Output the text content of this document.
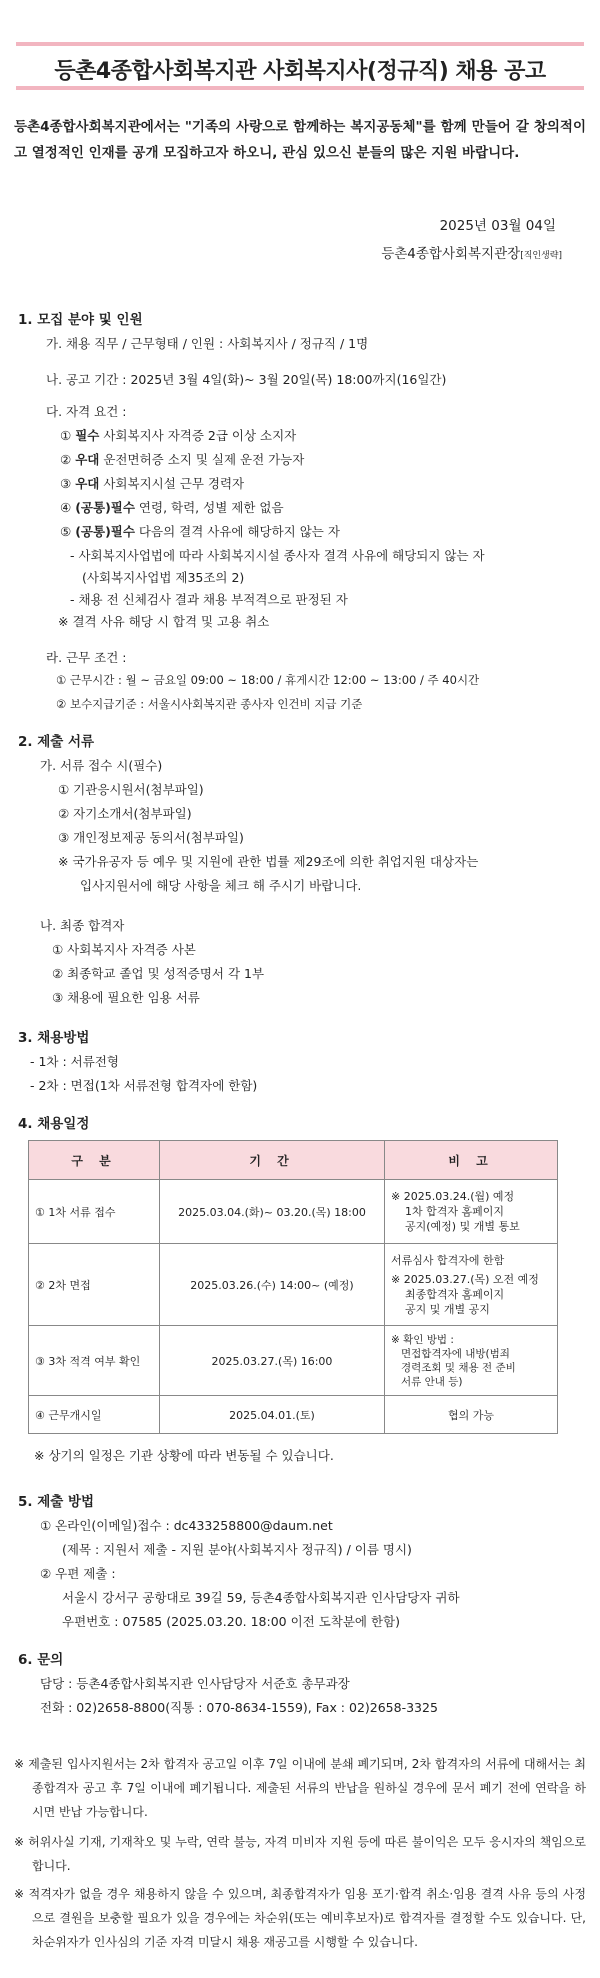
등촌4종합사회복지관 사회복지사(정규직) 채용 공고
등촌4종합사회복지관에서는 "기족의 사랑으로 함께하는 복지공동체"를 함께 만들어 갈 창의적이고 열정적인 인재를 공개 모집하고자 하오니, 관심 있으신 분들의 많은 지원 바랍니다.
2025년 03월 04일
등촌4종합사회복지관장[직인생략]
1. 모집 분야 및 인원
가. 채용 직무 / 근무형태 / 인원 : 사회복지사 / 정규직 / 1명
나. 공고 기간 : 2025년 3월 4일(화)~ 3월 20일(목) 18:00까지(16일간)
다. 자격 요건 :
① 필수 사회복지사 자격증 2급 이상 소지자
② 우대 운전면허증 소지 및 실제 운전 가능자
③ 우대 사회복지시설 근무 경력자
④ (공통)필수 연령, 학력, 성별 제한 없음
⑤ (공통)필수 다음의 결격 사유에 해당하지 않는 자
- 사회복지사업법에 따라 사회복지시설 종사자 결격 사유에 해당되지 않는 자
(사회복지사업법 제35조의 2)
- 채용 전 신체검사 결과 채용 부적격으로 판정된 자
※ 결격 사유 해당 시 합격 및 고용 취소
라. 근무 조건 :
① 근무시간 : 월 ~ 금요일 09:00 ~ 18:00 / 휴게시간 12:00 ~ 13:00 / 주 40시간
② 보수지급기준 : 서울시사회복지관 종사자 인건비 지급 기준
2. 제출 서류
가. 서류 접수 시(필수)
① 기관응시원서(첨부파일)
② 자기소개서(첨부파일)
③ 개인정보제공 동의서(첨부파일)
※ 국가유공자 등 예우 및 지원에 관한 법률 제29조에 의한 취업지원 대상자는
입사지원서에 해당 사항을 체크 해 주시기 바랍니다.
나. 최종 합격자
① 사회복지사 자격증 사본
② 최종학교 졸업 및 성적증명서 각 1부
③ 채용에 필요한 임용 서류
3. 채용방법
- 1차 : 서류전형
- 2차 : 면접(1차 서류전형 합격자에 한함)
4. 채용일정
구 분	기 간	비 고
① 1차 서류 접수	2025.03.04.(화)~ 03.20.(목) 18:00	※ 2025.03.24.(월) 예정
1차 합격자 홈페이지
공지(예정) 및 개별 통보

② 2차 면접	2025.03.26.(수) 14:00~ (예정)	서류심사 합격자에 한함
※ 2025.03.27.(목) 오전 예정
최종합격자 홈페이지
공지 및 개별 공지

③ 3차 적격 여부 확인	2025.03.27.(목) 16:00	※ 확인 방법 :
면접합격자에 내방(범죄
경력조회 및 채용 전 준비
서류 안내 등)

④ 근무개시일	2025.04.01.(토)	협의 가능
※ 상기의 일정은 기관 상황에 따라 변동될 수 있습니다.
5. 제출 방법
① 온라인(이메일)접수 : dc433258800@daum.net
(제목 : 지원서 제출 - 지원 분야(사회복지사 정규직) / 이름 명시)
② 우편 제출 :
서울시 강서구 공항대로 39길 59, 등촌4종합사회복지관 인사담당자 귀하
우편번호 : 07585 (2025.03.20. 18:00 이전 도착분에 한함)
6. 문의
담당 : 등촌4종합사회복지관 인사담당자 서준호 총무과장
전화 : 02)2658-8800(직통 : 070-8634-1559), Fax : 02)2658-3325
※ 제출된 입사지원서는 2차 합격자 공고일 이후 7일 이내에 분쇄 폐기되며, 2차 합격자의 서류에 대해서는 최종합격자 공고 후 7일 이내에 폐기됩니다. 제출된 서류의 반납을 원하실 경우에 문서 폐기 전에 연락을 하시면 반납 가능합니다.
※ 허위사실 기재, 기재착오 및 누락, 연락 불능, 자격 미비자 지원 등에 따른 불이익은 모두 응시자의 책임으로 합니다.
※ 적격자가 없을 경우 채용하지 않을 수 있으며, 최종합격자가 임용 포기·합격 취소·임용 결격 사유 등의 사정으로 결원을 보충할 필요가 있을 경우에는 차순위(또는 예비후보자)로 합격자를 결정할 수도 있습니다. 단, 차순위자가 인사심의 기준 자격 미달시 채용 재공고를 시행할 수 있습니다.
